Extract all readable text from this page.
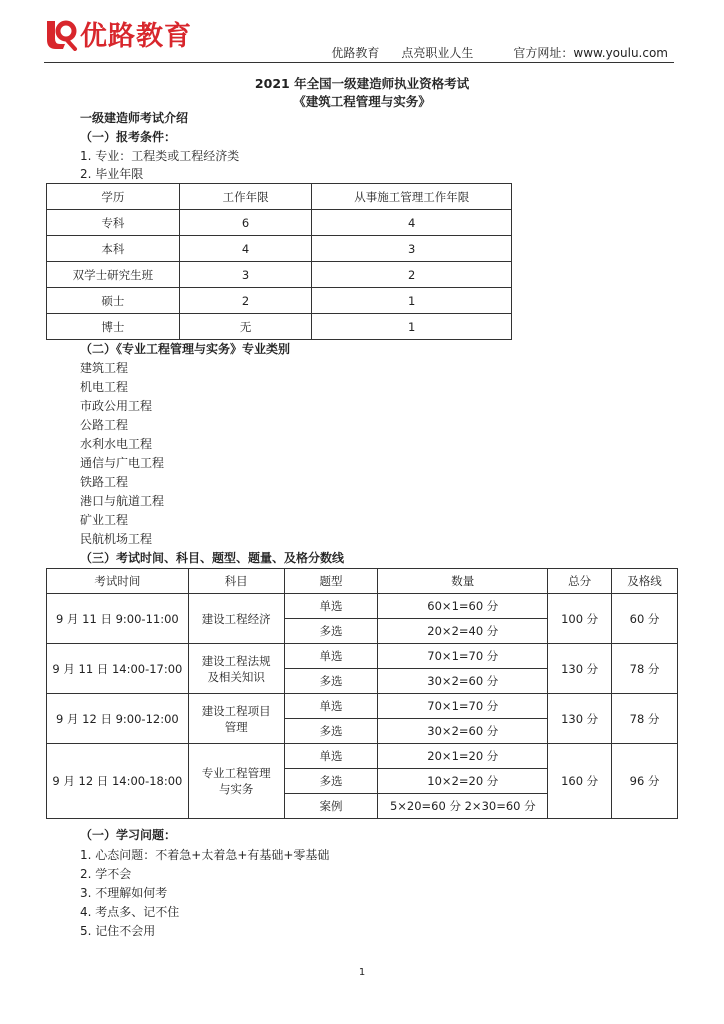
优路教育
优路教育 点亮职业人生	官方网址：www.youlu.com
2021 年全国一级建造师执业资格考试
《建筑工程管理与实务》
一级建造师考试介绍
（一）报考条件：
1. 专业：工程类或工程经济类
2. 毕业年限
学历	工作年限	从事施工管理工作年限
专科	6	4
本科	4	3
双学士研究生班	3	2
硕士	2	1
博士	无	1
（二）《专业工程管理与实务》专业类别
建筑工程
机电工程
市政公用工程
公路工程
水利水电工程
通信与广电工程
铁路工程
港口与航道工程
矿业工程
民航机场工程
（三）考试时间、科目、题型、题量、及格分数线
考试时间	科目	题型	数量	总分	及格线
9 月 11 日 9:00-11:00	建设工程经济	单选	60×1=60 分	100 分	60 分
		多选	20×2=40 分		
9 月 11 日 14:00-17:00	建设工程法规及相关知识	单选	70×1=70 分	130 分	78 分
		多选	30×2=60 分		
9 月 12 日 9:00-12:00	建设工程项目管理	单选	70×1=70 分	130 分	78 分
		多选	30×2=60 分		
9 月 12 日 14:00-18:00	专业工程管理与实务	单选	20×1=20 分	160 分	96 分
		多选	10×2=20 分		
		案例	5×20=60 分 2×30=60 分		
（一）学习问题：
1. 心态问题：不着急+太着急+有基础+零基础
2. 学不会
3. 不理解如何考
4. 考点多、记不住
5. 记住不会用
1
